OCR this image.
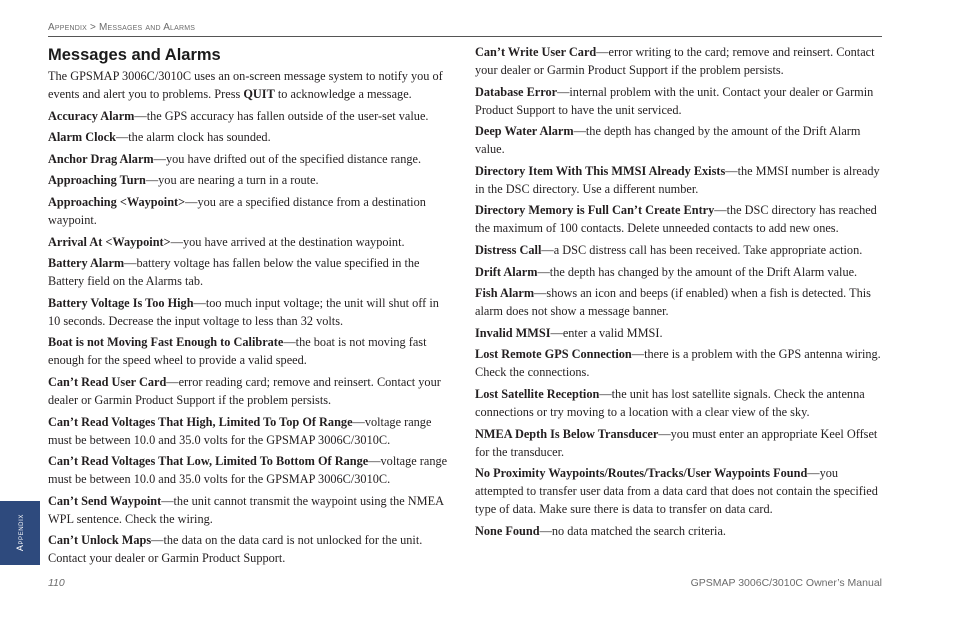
Appendix > Messages and Alarms
Messages and Alarms

The GPSMAP 3006C/3010C uses an on-screen message system to notify you of events and alert you to problems. Press QUIT to acknowledge a message.

Accuracy Alarm—the GPS accuracy has fallen outside of the user-set value.

Alarm Clock—the alarm clock has sounded.

Anchor Drag Alarm—you have drifted out of the specified distance range.

Approaching Turn—you are nearing a turn in a route.

Approaching <Waypoint>—you are a specified distance from a destination waypoint.

Arrival At <Waypoint>—you have arrived at the destination waypoint.

Battery Alarm—battery voltage has fallen below the value specified in the Battery field on the Alarms tab.

Battery Voltage Is Too High—too much input voltage; the unit will shut off in 10 seconds. Decrease the input voltage to less than 32 volts.

Boat is not Moving Fast Enough to Calibrate—the boat is not moving fast enough for the speed wheel to provide a valid speed.

Can’t Read User Card—error reading card; remove and reinsert. Contact your dealer or Garmin Product Support if the problem persists.

Can’t Read Voltages That High, Limited To Top Of Range—voltage range must be between 10.0 and 35.0 volts for the GPSMAP 3006C/3010C.

Can’t Read Voltages That Low, Limited To Bottom Of Range—voltage range must be between 10.0 and 35.0 volts for the GPSMAP 3006C/3010C.

Can’t Send Waypoint—the unit cannot transmit the waypoint using the NMEA WPL sentence. Check the wiring.

Can’t Unlock Maps—the data on the data card is not unlocked for the unit. Contact your dealer or Garmin Product Support.

Can’t Write User Card—error writing to the card; remove and reinsert. Contact your dealer or Garmin Product Support if the problem persists.

Database Error—internal problem with the unit. Contact your dealer or Garmin Product Support to have the unit serviced.

Deep Water Alarm—the depth has changed by the amount of the Drift Alarm value.

Directory Item With This MMSI Already Exists—the MMSI number is already in the DSC directory. Use a different number.

Directory Memory is Full Can’t Create Entry—the DSC directory has reached the maximum of 100 contacts. Delete unneeded contacts to add new ones.

Distress Call—a DSC distress call has been received. Take appropriate action.

Drift Alarm—the depth has changed by the amount of the Drift Alarm value.

Fish Alarm—shows an icon and beeps (if enabled) when a fish is detected. This alarm does not show a message banner.

Invalid MMSI—enter a valid MMSI.

Lost Remote GPS Connection—there is a problem with the GPS antenna wiring. Check the connections.

Lost Satellite Reception—the unit has lost satellite signals. Check the antenna connections or try moving to a location with a clear view of the sky.

NMEA Depth Is Below Transducer—you must enter an appropriate Keel Offset for the transducer.

No Proximity Waypoints/Routes/Tracks/User Waypoints Found—you attempted to transfer user data from a data card that does not contain the specified type of data. Make sure there is data to transfer on data card.

None Found—no data matched the search criteria.

Appendix
110	GPSMAP 3006C/3010C Owner’s Manual
